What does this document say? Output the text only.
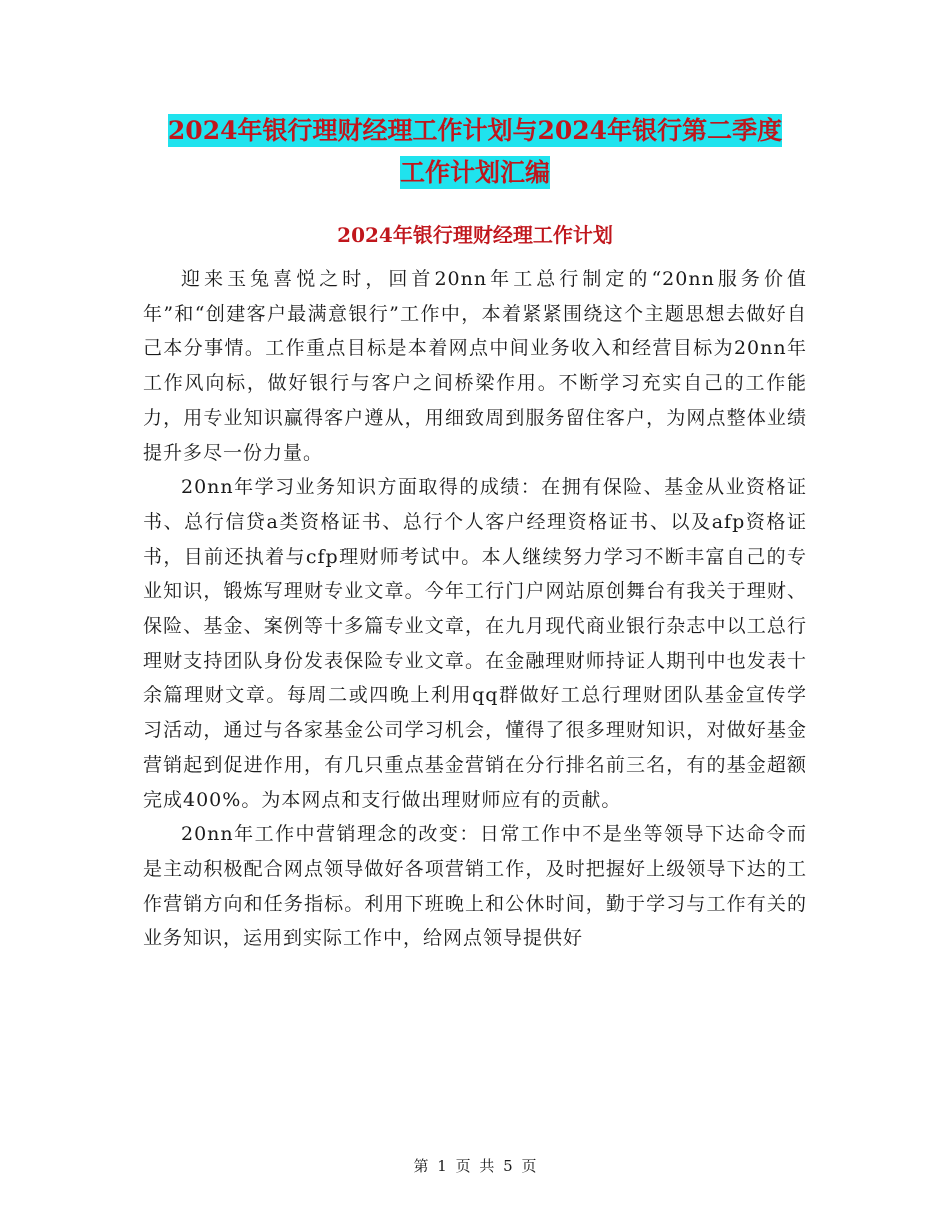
2024年银行理财经理工作计划与2024年银行第二季度
工作计划汇编
2024年银行理财经理工作计划

迎来玉兔喜悦之时，回首20nn年工总行制定的“20nn服务价值年”和“创建客户最满意银行”工作中，本着紧紧围绕这个主题思想去做好自己本分事情。工作重点目标是本着网点中间业务收入和经营目标为20nn年工作风向标，做好银行与客户之间桥梁作用。不断学习充实自己的工作能力，用专业知识赢得客户遵从，用细致周到服务留住客户，为网点整体业绩提升多尽一份力量。

20nn年学习业务知识方面取得的成绩：在拥有保险、基金从业资格证书、总行信贷a类资格证书、总行个人客户经理资格证书、以及afp资格证书，目前还执着与cfp理财师考试中。本人继续努力学习不断丰富自己的专业知识，锻炼写理财专业文章。今年工行门户网站原创舞台有我关于理财、保险、基金、案例等十多篇专业文章，在九月现代商业银行杂志中以工总行理财支持团队身份发表保险专业文章。在金融理财师持证人期刊中也发表十余篇理财文章。每周二或四晚上利用qq群做好工总行理财团队基金宣传学习活动，通过与各家基金公司学习机会，懂得了很多理财知识，对做好基金营销起到促进作用，有几只重点基金营销在分行排名前三名，有的基金超额完成400%。为本网点和支行做出理财师应有的贡献。

20nn年工作中营销理念的改变：日常工作中不是坐等领导下达命令而是主动积极配合网点领导做好各项营销工作，及时把握好上级领导下达的工作营销方向和任务指标。利用下班晚上和公休时间，勤于学习与工作有关的业务知识，运用到实际工作中，给网点领导提供好

第 1 页 共 5 页
